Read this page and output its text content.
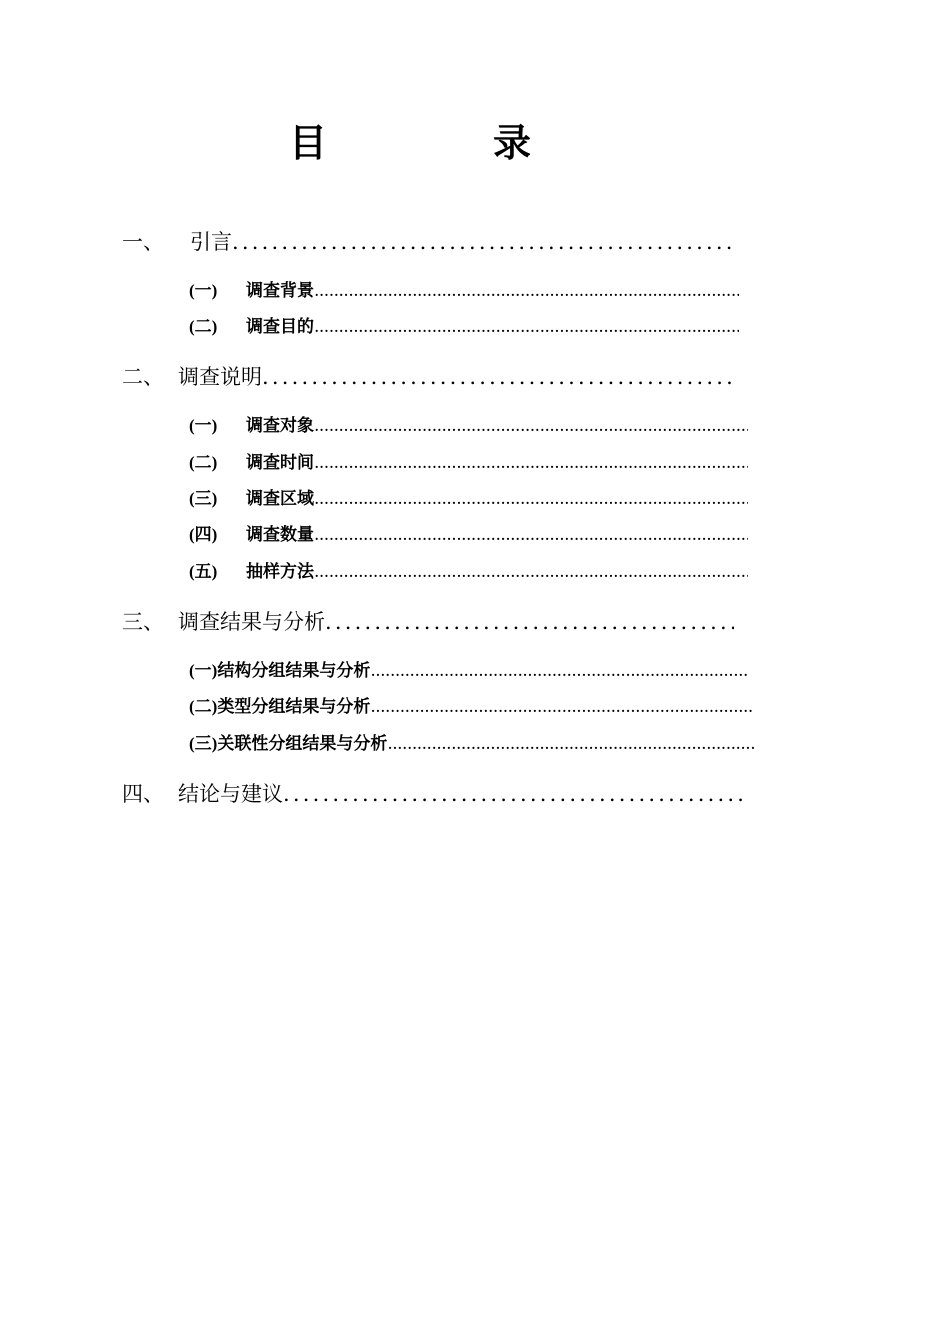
目　录
一、	引言
.....
(一)	调查背景
.....
(二)	调查目的
.....
二、 调查说明
.....
(一)	调查对象
.....
(二)	调查时间
.....
(三)	调查区域
.....
(四)	调查数量
.....
(五)	抽样方法
.....
三、 调查结果与分析
.....
(一) 结构分组结果与分析
.....
(二) 类型分组结果与分析
.....
(三) 关联性分组结果与分析
.....
四、 结论与建议
.....
